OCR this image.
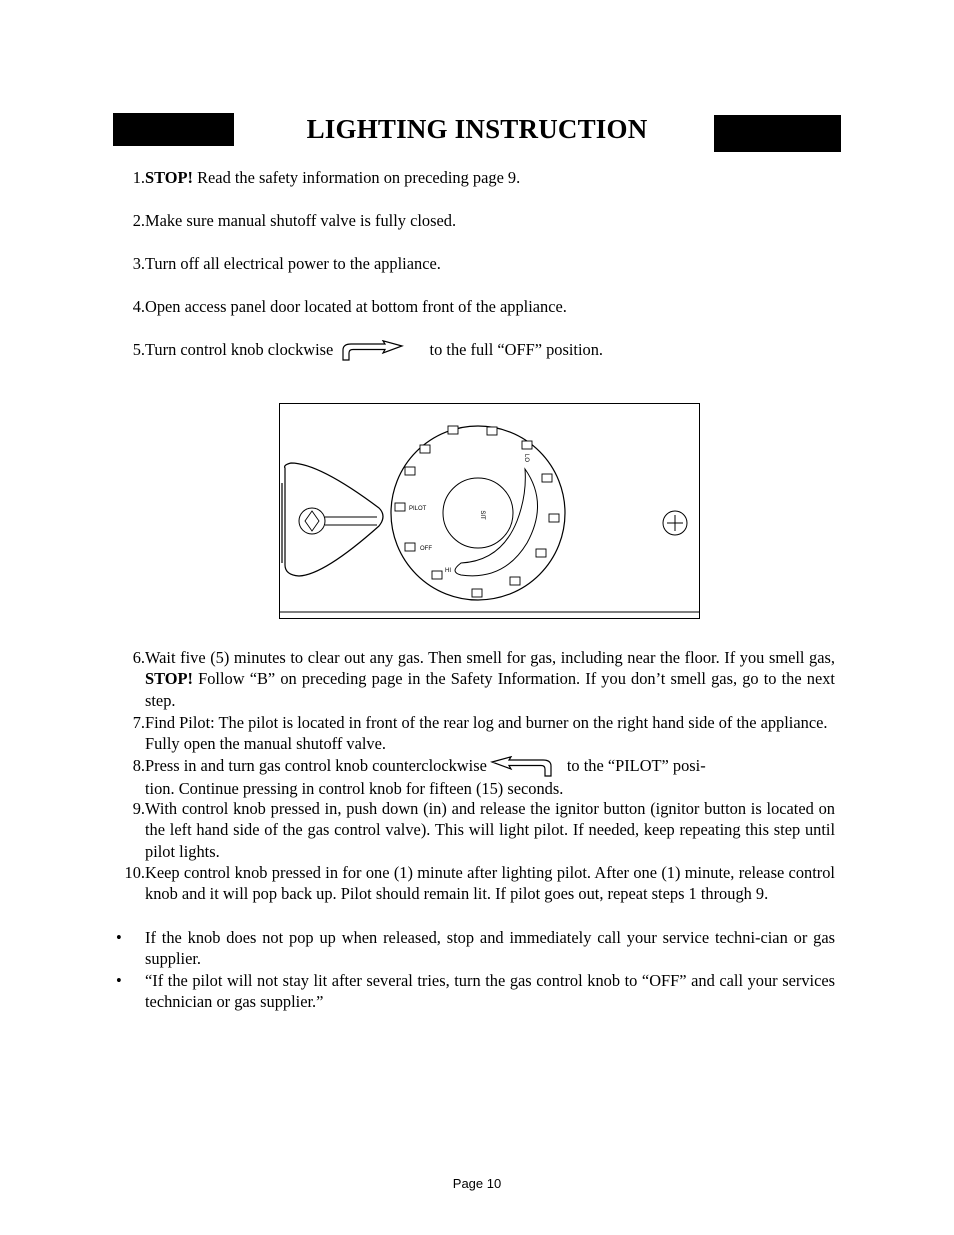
LIGHTING INSTRUCTION
1. STOP! Read the safety information on preceding page 9.
2. Make sure manual shutoff valve is fully closed.
3. Turn off all electrical power to the appliance.
4. Open access panel door located at bottom front of the appliance.
5. Turn control knob clockwise	to the full “OFF” position.
SIT
PILOT
OFF
HI
LO
6. Wait five (5) minutes to clear out any gas. Then smell for gas, including near the floor. If you smell gas, STOP! Follow “B” on preceding page in the Safety Information. If you don’t smell gas, go to the next step.
7. Find Pilot: The pilot is located in front of the rear log and burner on the right hand side of the appliance. Fully open the manual shutoff valve.
8. Press in and turn gas control knob counterclockwise	to the “PILOT” posi-
tion. Continue pressing in control knob for fifteen (15) seconds.
9. With control knob pressed in, push down (in) and release the ignitor button (ignitor button is located on the left hand side of the gas control valve). This will light pilot. If needed, keep repeating this step until pilot lights.
10. Keep control knob pressed in for one (1) minute after lighting pilot. After one (1) minute, release control knob and it will pop back up. Pilot should remain lit. If pilot goes out, repeat steps 1 through 9.
•	If the knob does not pop up when released, stop and immediately call your service techni-cian or gas supplier.
•	“If the pilot will not stay lit after several tries, turn the gas control knob to “OFF” and call your services technician or gas supplier.”
Page 10
